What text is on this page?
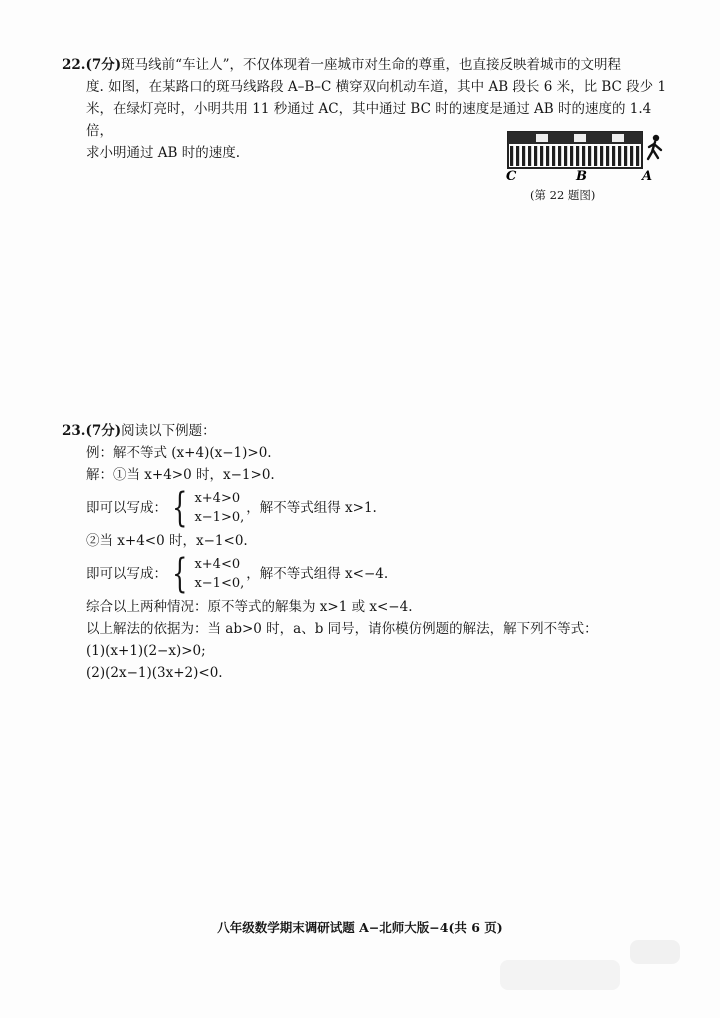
22.(7分)斑马线前“车让人”，不仅体现着一座城市对生命的尊重，也直接反映着城市的文明程

度. 如图，在某路口的斑马线路段 A–B–C 横穿双向机动车道，其中 AB 段长 6 米，比 BC 段少 1

米，在绿灯亮时，小明共用 11 秒通过 AC，其中通过 BC 时的速度是通过 AB 时的速度的 1.4 倍，

求小明通过 AB 时的速度.

C	B	A
(第 22 题图)
23.(7分)阅读以下例题：
例：解不等式 (x+4)(x−1)>0.
解：①当 x+4>0 时，x−1>0.
即可以写成： { x+4>0
x−1>0,
，解不等式组得 x>1.
②当 x+4<0 时，x−1<0.
即可以写成： { x+4<0
x−1<0,
，解不等式组得 x<−4.
综合以上两种情况：原不等式的解集为 x>1 或 x<−4.
以上解法的依据为：当 ab>0 时，a、b 同号，请你模仿例题的解法，解下列不等式：
(1)(x+1)(2−x)>0;
(2)(2x−1)(3x+2)<0.
八年级数学期末调研试题 A−北师大版−4(共 6 页)
